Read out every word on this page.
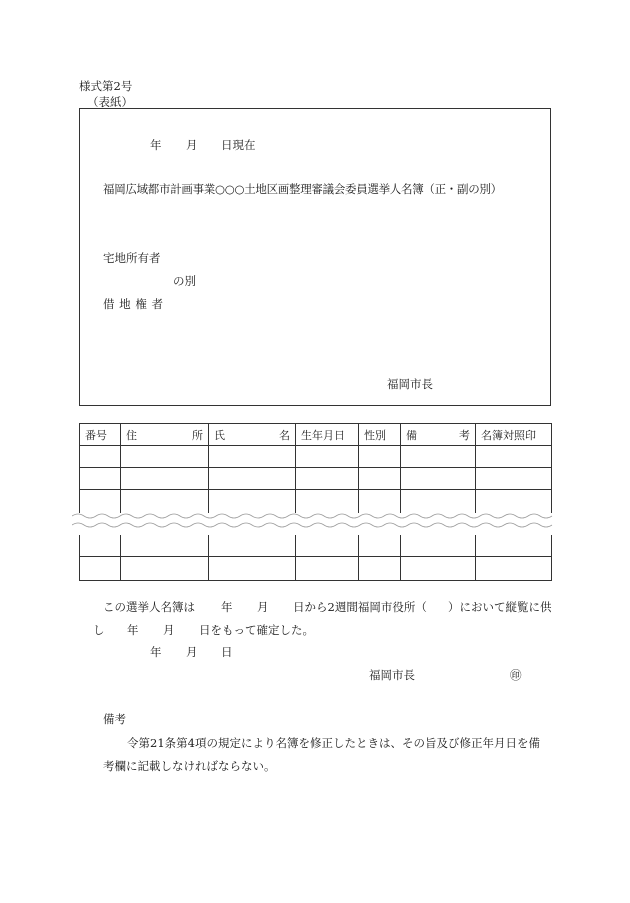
様式第2号
（表紙）
年 月 日現在
福岡広域都市計画事業○○○土地区画整理審議会委員選挙人名簿（正・副の別）
宅地所有者
の別
借 地 権 者
福岡市長
番号	住 所	氏 名	生年月日	性別	備 考	名簿対照印

この選挙人名簿は 年 月 日から2週間福岡市役所（ ）において縦覧に供
し 年 月 日をもって確定した。
年 月 日
福岡市長	㊞
備考
令第21条第4項の規定により名簿を修正したときは、その旨及び修正年月日を備
考欄に記載しなければならない。
